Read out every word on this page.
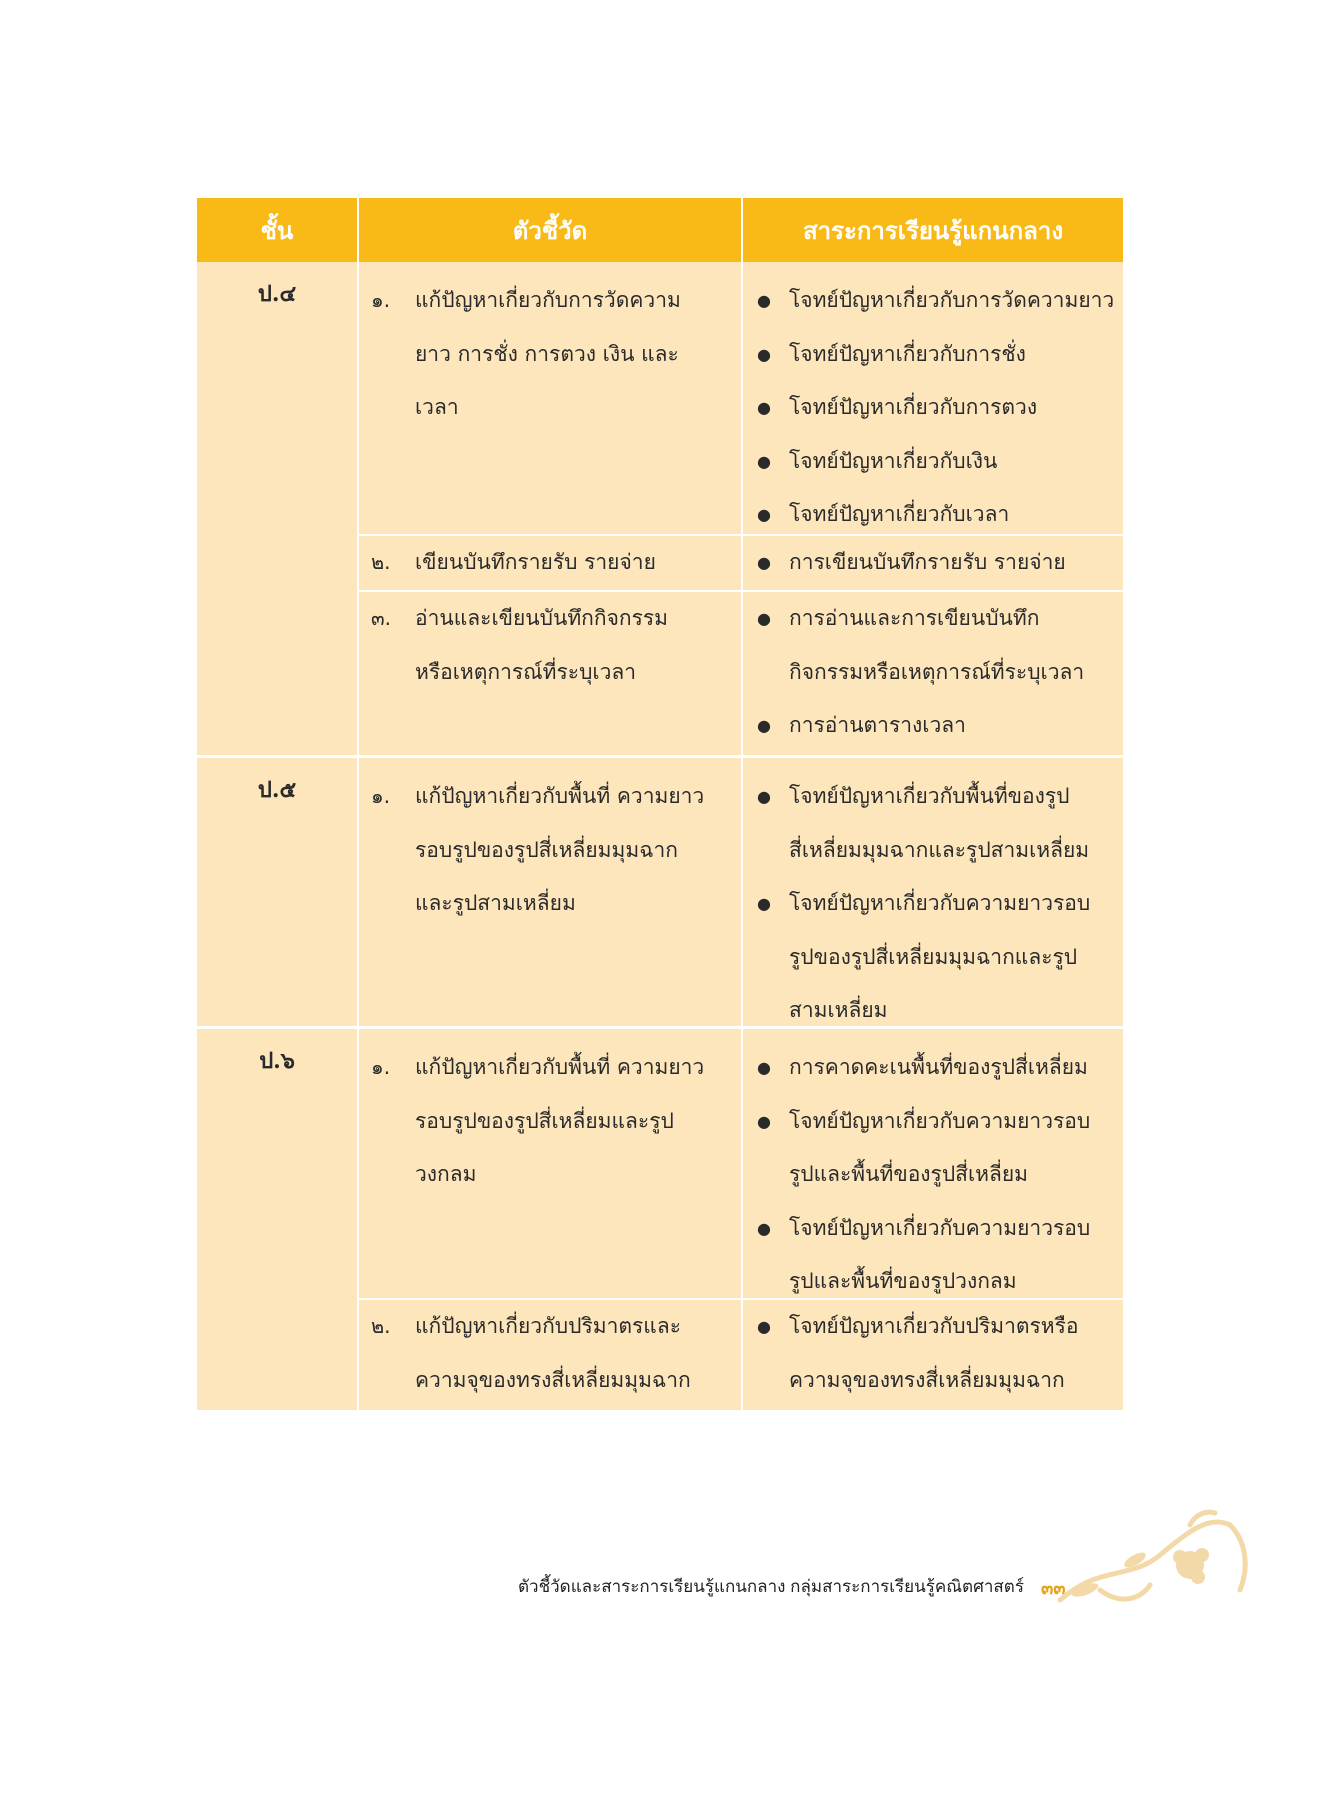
ชั้น	ตัวชี้วัด	สาระการเรียนรู้แกนกลาง
ป.๔	๑.	แก้ปัญหาเกี่ยวกับการวัดความยาว การชั่ง การตวง เงิน และเวลา
● โจทย์ปัญหาเกี่ยวกับการวัดความยาว
● โจทย์ปัญหาเกี่ยวกับการชั่ง
● โจทย์ปัญหาเกี่ยวกับการตวง
● โจทย์ปัญหาเกี่ยวกับเงิน
● โจทย์ปัญหาเกี่ยวกับเวลา
๒.	เขียนบันทึกรายรับ รายจ่าย	● การเขียนบันทึกรายรับ รายจ่าย
๓.	อ่านและเขียนบันทึกกิจกรรมหรือเหตุการณ์ที่ระบุเวลา
● การอ่านและการเขียนบันทึกกิจกรรมหรือเหตุการณ์ที่ระบุเวลา
● การอ่านตารางเวลา
ป.๕	๑.	แก้ปัญหาเกี่ยวกับพื้นที่ ความยาวรอบรูปของรูปสี่เหลี่ยมมุมฉากและรูปสามเหลี่ยม
● โจทย์ปัญหาเกี่ยวกับพื้นที่ของรูปสี่เหลี่ยมมุมฉากและรูปสามเหลี่ยม
● โจทย์ปัญหาเกี่ยวกับความยาวรอบรูปของรูปสี่เหลี่ยมมุมฉากและรูปสามเหลี่ยม
ป.๖	๑.	แก้ปัญหาเกี่ยวกับพื้นที่ ความยาวรอบรูปของรูปสี่เหลี่ยมและรูปวงกลม
● การคาดคะเนพื้นที่ของรูปสี่เหลี่ยม
● โจทย์ปัญหาเกี่ยวกับความยาวรอบรูปและพื้นที่ของรูปสี่เหลี่ยม
● โจทย์ปัญหาเกี่ยวกับความยาวรอบรูปและพื้นที่ของรูปวงกลม
๒.	แก้ปัญหาเกี่ยวกับปริมาตรและความจุของทรงสี่เหลี่ยมมุมฉาก
● โจทย์ปัญหาเกี่ยวกับปริมาตรหรือความจุของทรงสี่เหลี่ยมมุมฉาก
ตัวชี้วัดและสาระการเรียนรู้แกนกลาง กลุ่มสาระการเรียนรู้คณิตศาสตร์ ๓๓
